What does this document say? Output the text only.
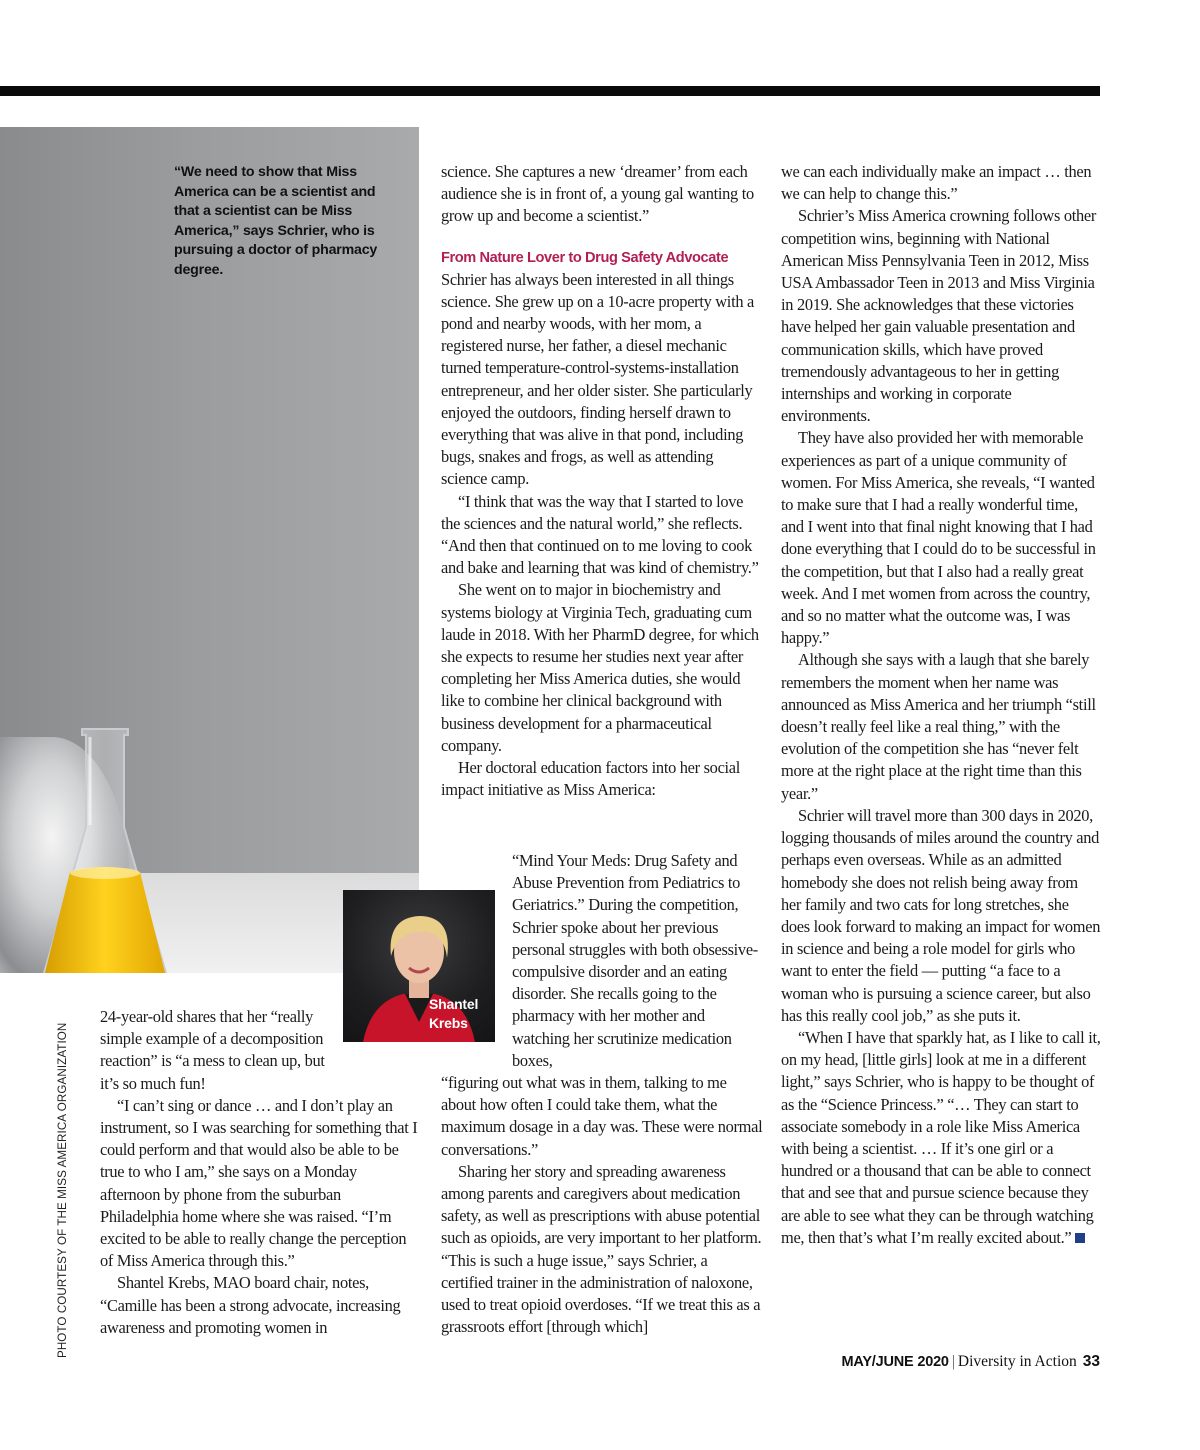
“We need to show that Miss America can be a scientist and that a scientist can be Miss America,” says Schrier, who is pursuing a doctor of pharmacy degree.
PHOTO COURTESY OF THE MISS AMERICA ORGANIZATION

24-year-old shares that her “really simple example of a decomposition reaction” is “a mess to clean up, but it’s so much fun!

“I can’t sing or dance … and I don’t play an instrument, so I was searching for something that I could perform and that would also be able to be true to who I am,” she says on a Monday afternoon by phone from the suburban Philadelphia home where she was raised. “I’m excited to be able to really change the perception of Miss America through this.”

Shantel Krebs, MAO board chair, notes, “Camille has been a strong advocate, increasing awareness and promoting women in

science. She captures a new ‘dreamer’ from each audience she is in front of, a young gal wanting to grow up and become a scientist.”

From Nature Lover to Drug Safety Advocate

Schrier has always been interested in all things science. She grew up on a 10-acre property with a pond and nearby woods, with her mom, a registered nurse, her father, a diesel mechanic turned temperature-control-systems-installation entrepreneur, and her older sister. She particularly enjoyed the outdoors, finding herself drawn to everything that was alive in that pond, including bugs, snakes and frogs, as well as attending science camp.

“I think that was the way that I started to love the sciences and the natural world,” she reflects. “And then that continued on to me loving to cook and bake and learning that was kind of chemistry.”

She went on to major in biochemistry and systems biology at Virginia Tech, graduating cum laude in 2018. With her PharmD degree, for which she expects to resume her studies next year after completing her Miss America duties, she would like to combine her clinical background with business development for a pharmaceutical company.

Her doctoral education factors into her social impact initiative as Miss America:

“Mind Your Meds: Drug Safety and Abuse Prevention from Pediatrics to Geriatrics.” During the competition, Schrier spoke about her previous personal struggles with both obsessive-compulsive disorder and an eating disorder. She recalls going to the pharmacy with her mother and watching her scrutinize medication boxes,

“figuring out what was in them, talking to me about how often I could take them, what the maximum dosage in a day was. These were normal conversations.”

Sharing her story and spreading awareness among parents and caregivers about medication safety, as well as prescriptions with abuse potential such as opioids, are very important to her platform. “This is such a huge issue,” says Schrier, a certified trainer in the administration of naloxone, used to treat opioid overdoses. “If we treat this as a grassroots effort [through which]

Shantel
Krebs

we can each individually make an impact … then we can help to change this.”

Schrier’s Miss America crowning follows other competition wins, beginning with National American Miss Pennsylvania Teen in 2012, Miss USA Ambassador Teen in 2013 and Miss Virginia in 2019. She acknowledges that these victories have helped her gain valuable presentation and communication skills, which have proved tremendously advantageous to her in getting internships and working in corporate environments.

They have also provided her with memorable experiences as part of a unique community of women. For Miss America, she reveals, “I wanted to make sure that I had a really wonderful time, and I went into that final night knowing that I had done everything that I could do to be successful in the competition, but that I also had a really great week. And I met women from across the country, and so no matter what the outcome was, I was happy.”

Although she says with a laugh that she barely remembers the moment when her name was announced as Miss America and her triumph “still doesn’t really feel like a real thing,” with the evolution of the competition she has “never felt more at the right place at the right time than this year.”

Schrier will travel more than 300 days in 2020, logging thousands of miles around the country and perhaps even overseas. While as an admitted homebody she does not relish being away from her family and two cats for long stretches, she does look forward to making an impact for women in science and being a role model for girls who want to enter the field — putting “a face to a woman who is pursuing a science career, but also has this really cool job,” as she puts it.

“When I have that sparkly hat, as I like to call it, on my head, [little girls] look at me in a different light,” says Schrier, who is happy to be thought of as the “Science Princess.” “… They can start to associate somebody in a role like Miss America with being a scientist. … If it’s one girl or a hundred or a thousand that can be able to connect that and see that and pursue science because they are able to see what they can be through watching me, then that’s what I’m really excited about.”

MAY/JUNE 2020 | Diversity in Action 33
